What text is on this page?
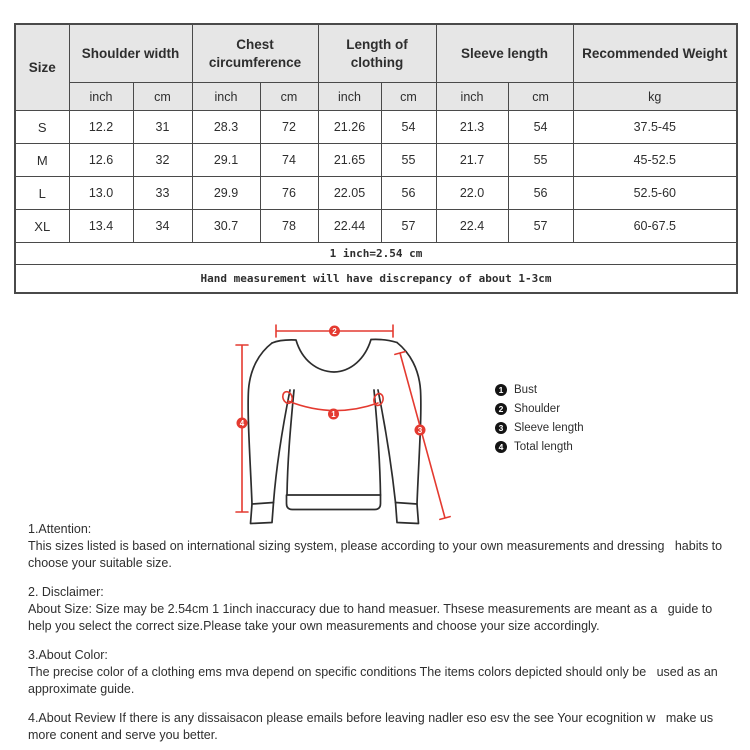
Size	Shoulder width		Chest circumference		Length of clothing		Sleeve length		Recommended Weight
	inch	cm	inch	cm	inch	cm	inch	cm	kg
S	12.2	31	28.3	72	21.26	54	21.3	54	37.5-45
M	12.6	32	29.1	74	21.65	55	21.7	55	45-52.5
L	13.0	33	29.9	76	22.05	56	22.0	56	52.5-60
XL	13.4	34	30.7	78	22.44	57	22.4	57	60-67.5
1 inch=2.54 cm									
Hand measurement will have discrepancy of about 1-3cm									
1
2
3
4
1 Bust
2 Shoulder
3 Sleeve length
4 Total length

1.Attention:

This sizes listed is based on international sizing system, please according to your own measurements and dressing   habits to choose your suitable size.

2. Disclaimer:

About Size: Size may be 2.54cm 1 1inch inaccuracy due to hand measuer. Thsese measurements are meant as a   guide to help you select the correct size.Please take your own measurements and choose your size accordingly.

3.About Color:

The precise color of a clothing ems mva depend on specific conditions The items colors depicted should only be   used as an approximate guide.

4.About Review If there is any dissaisacon please emails before leaving nadler eso esv the see Your ecognition w   make us more conent and serve you better.
